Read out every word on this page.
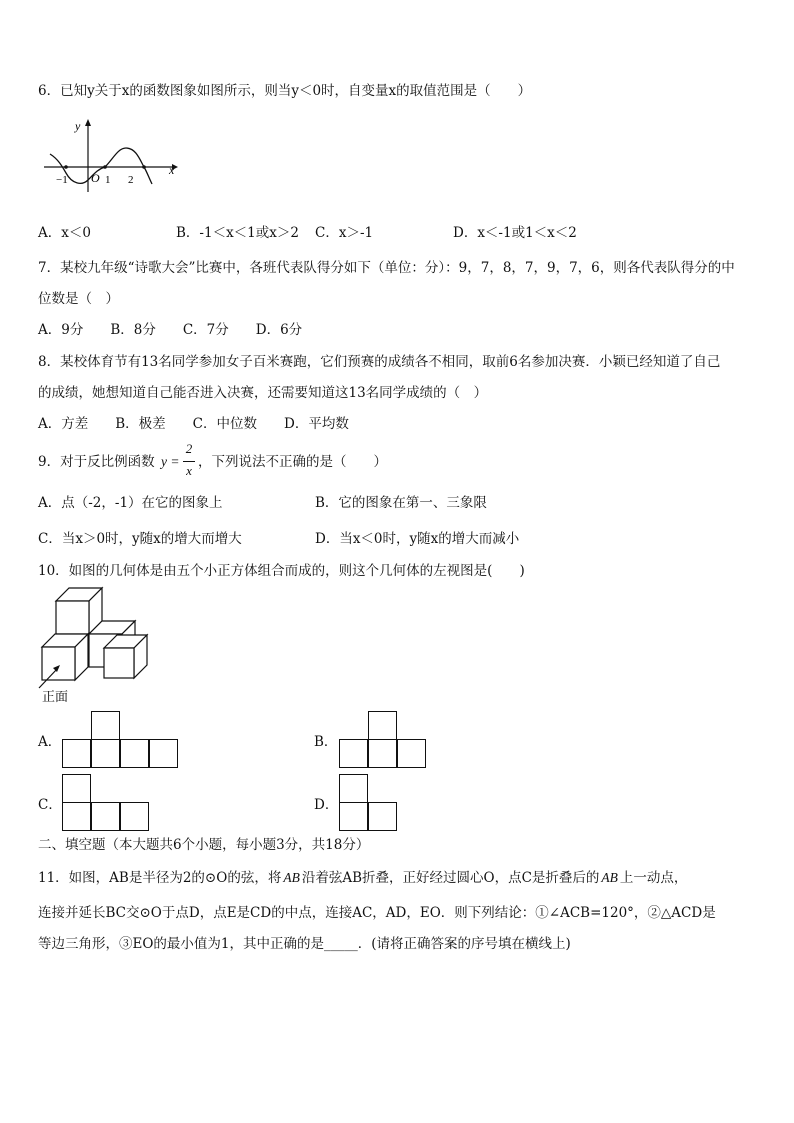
6．已知y关于x的函数图象如图所示，则当y＜0时，自变量x的取值范围是（　　）
y
x
O
−1	1 2
A．x＜0	B．-1＜x＜1或x＞2 C．x＞-1	D．x＜-1或1＜x＜2
7．某校九年级“诗歌大会”比赛中，各班代表队得分如下（单位：分）：9，7，8，7，9，7，6，则各代表队得分的中
位数是（　）
A．9分　　B．8分　　C．7分　　D．6分
8．某校体育节有13名同学参加女子百米赛跑，它们预赛的成绩各不相同，取前6名参加决赛．小颖已经知道了自己
的成绩，她想知道自己能否进入决赛，还需要知道这13名同学成绩的（　）
A．方差　　B．极差　　C．中位数　　D．平均数
9．对于反比例函数 y =
2
x
，下列说法不正确的是（　　）
A．点（-2，-1）在它的图象上	B．它的图象在第一、三象限
C．当x＞0时，y随x的增大而增大	D．当x＜0时，y随x的增大而减小
10．如图的几何体是由五个小正方体组合而成的，则这个几何体的左视图是(　　)
正面
A．	B．
C．	D．
二、填空题（本大题共6个小题，每小题3分，共18分）
11．如图，AB是半径为2的⊙O的弦，将 AB 沿着弦AB折叠，正好经过圆心O，点C是折叠后的 AB 上一动点，
连接并延长BC交⊙O于点D，点E是CD的中点，连接AC，AD，EO．则下列结论：①∠ACB=120°，②△ACD是
等边三角形，③EO的最小值为1，其中正确的是_____．(请将正确答案的序号填在横线上)
